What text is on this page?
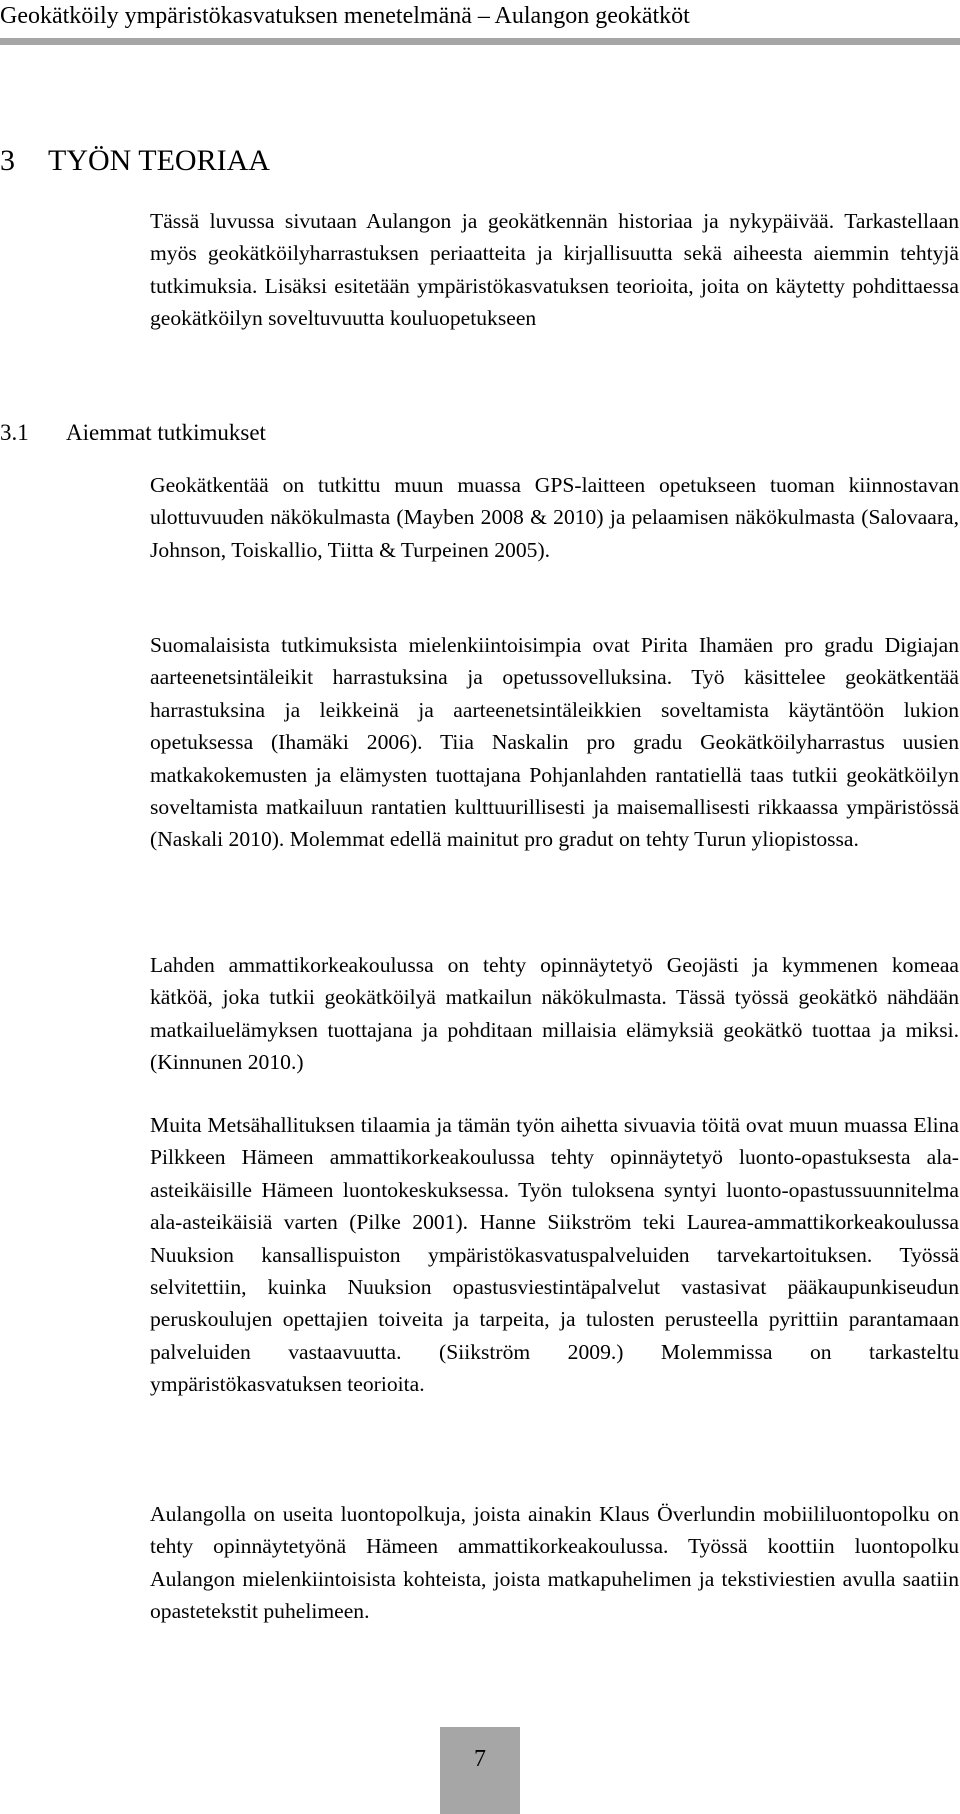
Geokätköily ympäristökasvatuksen menetelmänä – Aulangon geokätköt
3 TYÖN TEORIAA

Tässä luvussa sivutaan Aulangon ja geokätkennän historiaa ja nykypäivää. Tarkastellaan myös geokätköilyharrastuksen periaatteita ja kirjallisuutta sekä aiheesta aiemmin tehtyjä tutkimuksia. Lisäksi esitetään ympäristökasvatuksen teorioita, joita on käytetty pohdittaessa geokätköilyn soveltuvuutta kouluopetukseen

3.1 Aiemmat tutkimukset

Geokätkentää on tutkittu muun muassa GPS-laitteen opetukseen tuoman kiinnostavan ulottuvuuden näkökulmasta (Mayben 2008 & 2010) ja pelaamisen näkökulmasta (Salovaara, Johnson, Toiskallio, Tiitta & Turpeinen 2005).

Suomalaisista tutkimuksista mielenkiintoisimpia ovat Pirita Ihamäen pro gradu Digiajan aarteenetsintäleikit harrastuksina ja opetussovelluksina. Työ käsittelee geokätkentää harrastuksina ja leikkeinä ja aarteenetsintäleikkien soveltamista käytäntöön lukion opetuksessa (Ihamäki 2006). Tiia Naskalin pro gradu Geokätköilyharrastus uusien matkakokemusten ja elämysten tuottajana Pohjanlahden rantatiellä taas tutkii geokätköilyn soveltamista matkailuun rantatien kulttuurillisesti ja maisemallisesti rikkaassa ympäristössä (Naskali 2010). Molemmat edellä mainitut pro gradut on tehty Turun yliopistossa.

Lahden ammattikorkeakoulussa on tehty opinnäytetyö Geojästi ja kymmenen komeaa kätköä, joka tutkii geokätköilyä matkailun näkökulmasta. Tässä työssä geokätkö nähdään matkailuelämyksen tuottajana ja pohditaan millaisia elämyksiä geokätkö tuottaa ja miksi. (Kinnunen 2010.)

Muita Metsähallituksen tilaamia ja tämän työn aihetta sivuavia töitä ovat muun muassa Elina Pilkkeen Hämeen ammattikorkeakoulussa tehty opinnäytetyö luonto-opastuksesta ala-asteikäisille Hämeen luontokeskuksessa. Työn tuloksena syntyi luonto-opastussuunnitelma ala-asteikäisiä varten (Pilke 2001). Hanne Siikström teki Laurea-ammattikorkeakoulussa Nuuksion kansallispuiston ympäristökasvatuspalveluiden tarvekartoituksen. Työssä selvitettiin, kuinka Nuuksion opastusviestintäpalvelut vastasivat pääkaupunkiseudun peruskoulujen opettajien toiveita ja tarpeita, ja tulosten perusteella pyrittiin parantamaan palveluiden vastaavuutta. (Siikström 2009.) Molemmissa on tarkasteltu ympäristökasvatuksen teorioita.

Aulangolla on useita luontopolkuja, joista ainakin Klaus Överlundin mobiililuontopolku on tehty opinnäytetyönä Hämeen ammattikorkeakoulussa. Työssä koottiin luontopolku Aulangon mielenkiintoisista kohteista, joista matkapuhelimen ja tekstiviestien avulla saatiin opastetekstit puhelimeen.

7
